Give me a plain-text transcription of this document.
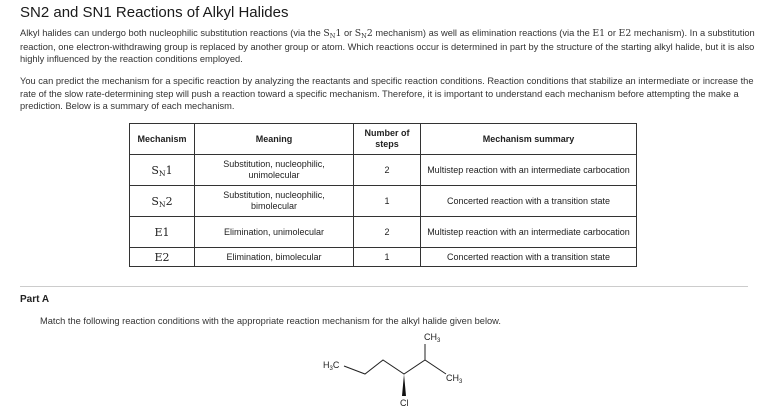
SN2 and SN1 Reactions of Alkyl Halides

Alkyl halides can undergo both nucleophilic substitution reactions (via the $S_N1$ or $S_N2$ mechanism) as well as elimination reactions (via the E1 or E2 mechanism). In a substitution reaction, one electron-withdrawing group is replaced by another group or atom. Which reactions occur is determined in part by the structure of the starting alkyl halide, but it is also highly influenced by the reaction conditions employed.

You can predict the mechanism for a specific reaction by analyzing the reactants and specific reaction conditions. Reaction conditions that stabilize an intermediate or increase the rate of the slow rate-determining step will push a reaction toward a specific mechanism. Therefore, it is important to understand each mechanism before attempting the make a prediction. Below is a summary of each mechanism.

Mechanism	Meaning	Number of steps	Mechanism summary
$S_N1$	Substitution, nucleophilic, unimolecular	2	Multistep reaction with an intermediate carbocation
$S_N2$	Substitution, nucleophilic, bimolecular	1	Concerted reaction with a transition state
E1	Elimination, unimolecular	2	Multistep reaction with an intermediate carbocation
E2	Elimination, bimolecular	1	Concerted reaction with a transition state
Part A
Match the following reaction conditions with the appropriate reaction mechanism for the alkyl halide given below.
$H_3C$
$CH_3$
$CH_3$
Cl
